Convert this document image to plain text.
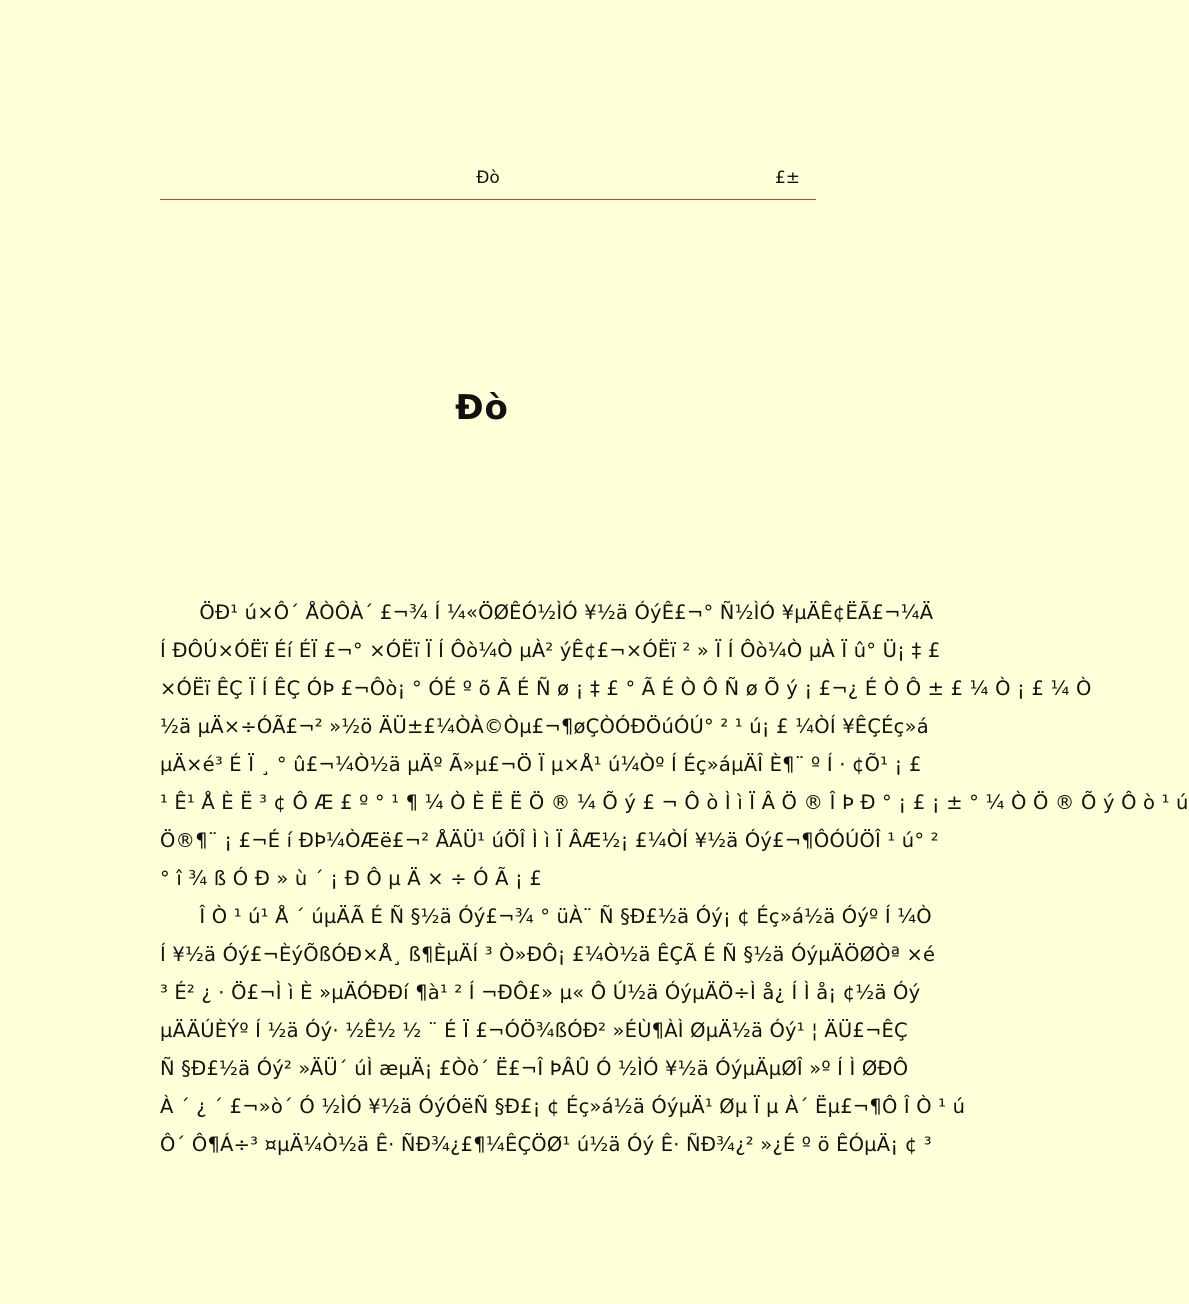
Ðò	£±
Ðò
　　ÖÐ¹ ú×Ô´ ÅÒÔÀ´ £¬¾ Í ¼«ÖØÊÓ½ÌÓ ¥½ä ÓýÊ£¬° Ñ½ÌÓ ¥µÄÊ¢ËÃ£¬¼Ä
Í ÐÔÚ×ÓËï Éí ÉÏ £¬° ×ÓËï Ï Í Ôò¼Ò µÀ² ýÊ¢£¬×ÓËï ² » Ï Í Ôò¼Ò µÀ Ï û° Ü¡ ‡ £
×ÓËï ÊÇ Ï Í ÊÇ ÓÞ £¬Ôò¡ ° ÓÉ º õ Ã É Ñ ø ¡ ‡ £ ° Ã É Ò Ô Ñ ø Õ ý ¡ £¬¿ É Ò Ô ± £ ¼ Ò ¡ £ ¼ Ò
½ä µÄ×÷ÓÃ£¬² »½ö ÄÜ±£¼ÒÀ©Òµ£¬¶øÇÒÓÐÖúÓÚ° ² ¹ ú¡ £ ¼ÒÍ ¥ÊÇÉç»á
µÄ×é³ É Ï ¸ ° û£¬¼Ò½ä µÄº Ã»µ£¬Ö Ï µ×Å¹ ú¼Òº Í Éç»áµÄÎ È¶¨ º Í · ¢Õ¹ ¡ £
¹ Ê¹ Å È Ë ³ ¢ Ô Æ £ º ° ¹ ¶ ¼ Ò È Ë Ë Ö ® ¼ Õ ý £ ¬ Ô ò Ì ì Ï Â Ö ® Î Þ Ð ° ¡ £ ¡ ± ° ¼ Ò Ö ® Õ ý Ô ò ¹ ú
Ö®¶¨ ¡ £¬É í ÐÞ¼ÒÆë£¬² ÅÄÜ¹ úÖÎ Ì ì Ï ÂÆ½¡ £¼ÒÍ ¥½ä Óý£¬¶ÔÓÚÖÎ ¹ ú° ²
° î ¾ ß Ó Ð » ù ´ ¡ Ð Ô µ Ä × ÷ Ó Ã ¡ £
　　Î Ò ¹ ú¹ Å ´ úµÄÃ É Ñ §½ä Óý£¬¾ ° üÀ¨ Ñ §Ð£½ä Óý¡ ¢ Éç»á½ä Óýº Í ¼Ò
Í ¥½ä Óý£¬ÈýÕßÓÐ×Å¸ ß¶ÈµÄÍ ³ Ò»ÐÔ¡ £¼Ò½ä ÊÇÃ É Ñ §½ä ÓýµÄÖØÒª ×é
³ É² ¿ · Ö£¬Ì ì È »µÄÓÐÐí ¶à¹ ² Í ¬ÐÔ£» µ« Ô Ú½ä ÓýµÄÖ÷Ì å¿ Í Ì å¡ ¢½ä Óý
µÄÄÚÈÝº Í ½ä Óý· ½Ê½ ½ ¨ É Ï £¬ÓÖ¾ßÓÐ² »ÉÙ¶ÀÌ ØµÄ½ä Óý¹ ¦ ÄÜ£¬ÊÇ
Ñ §Ð£½ä Óý² »ÄÜ´ úÌ æµÄ¡ £Òò´ Ë£¬Î ÞÂÛ Ó ½ÌÓ ¥½ä ÓýµÄµØÎ »º Í Ì ØÐÔ
À ´ ¿ ´ £¬»ò´ Ó ½ÌÓ ¥½ä ÓýÓëÑ §Ð£¡ ¢ Éç»á½ä ÓýµÄ¹ Øµ Ï µ À´ Ëµ£¬¶Ô Î Ò ¹ ú
Ô´ Ô¶Á÷³ ¤µÄ¼Ò½ä Ê· ÑÐ¾¿£¶¼ÊÇÖØ¹ ú½ä Óý Ê· ÑÐ¾¿² »¿É º ö ÊÓµÄ¡ ¢ ³
